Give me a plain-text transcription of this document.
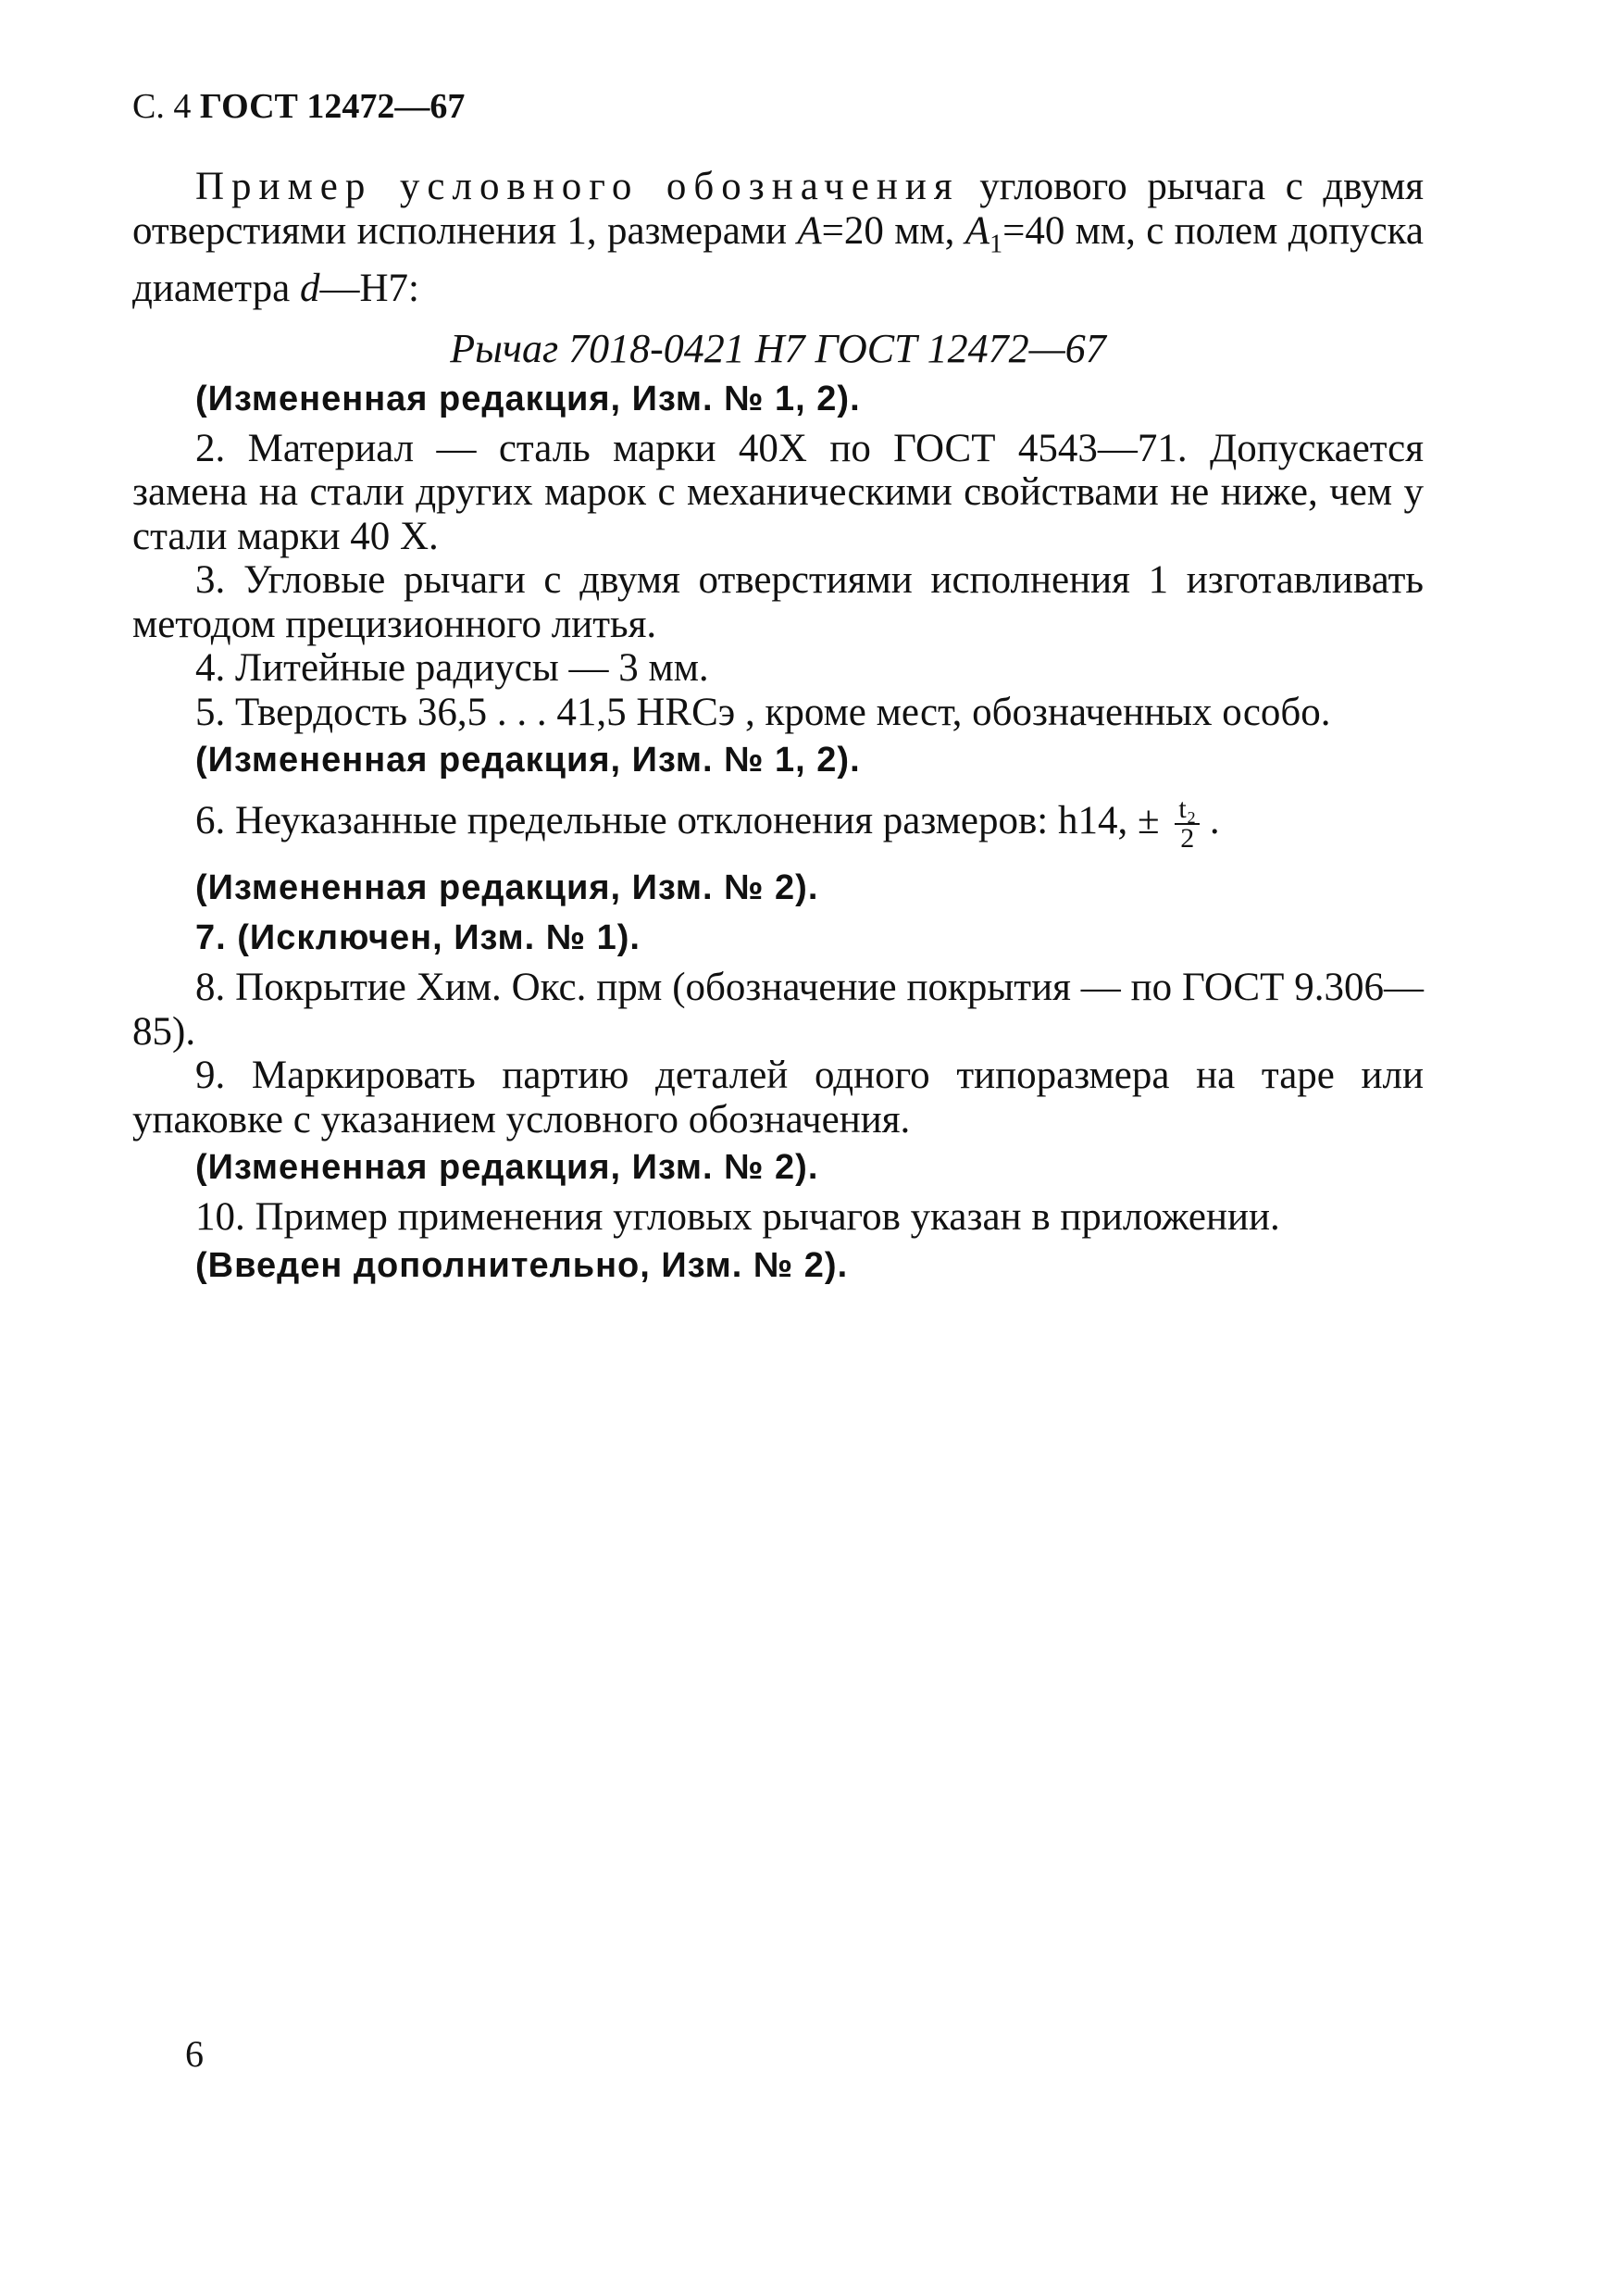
С. 4 ГОСТ 12472—67

Пример условного обозначения углового рычага с двумя отверстиями исполнения 1, размерами A=20 мм, $A_1=40$ мм, с полем допуска диаметра d—Н7:

Рычаг 7018-0421 Н7 ГОСТ 12472—67

(Измененная редакция, Изм. № 1, 2).

2. Материал — сталь марки 40Х по ГОСТ 4543—71. Допускается замена на стали других марок с механическими свойствами не ниже, чем у стали марки 40 Х.

3. Угловые рычаги с двумя отверстиями исполнения 1 изготавливать методом прецизионного литья.

4. Литейные радиусы — 3 мм.

5. Твердость 36,5 . . . 41,5 HRCэ , кроме мест, обозначенных особо.

(Измененная редакция, Изм. № 1, 2).

6. Неуказанные предельные отклонения размеров: h14, ± $\frac{\text{t₂}}{2}$ .

(Измененная редакция, Изм. № 2).

7. (Исключен, Изм. № 1).

8. Покрытие Хим. Окс. прм (обозначение покрытия — по ГОСТ 9.306—85).

9. Маркировать партию деталей одного типоразмера на таре или упаковке с указанием условного обозначения.

(Измененная редакция, Изм. № 2).

10. Пример применения угловых рычагов указан в приложении.

(Введен дополнительно, Изм. № 2).

6
